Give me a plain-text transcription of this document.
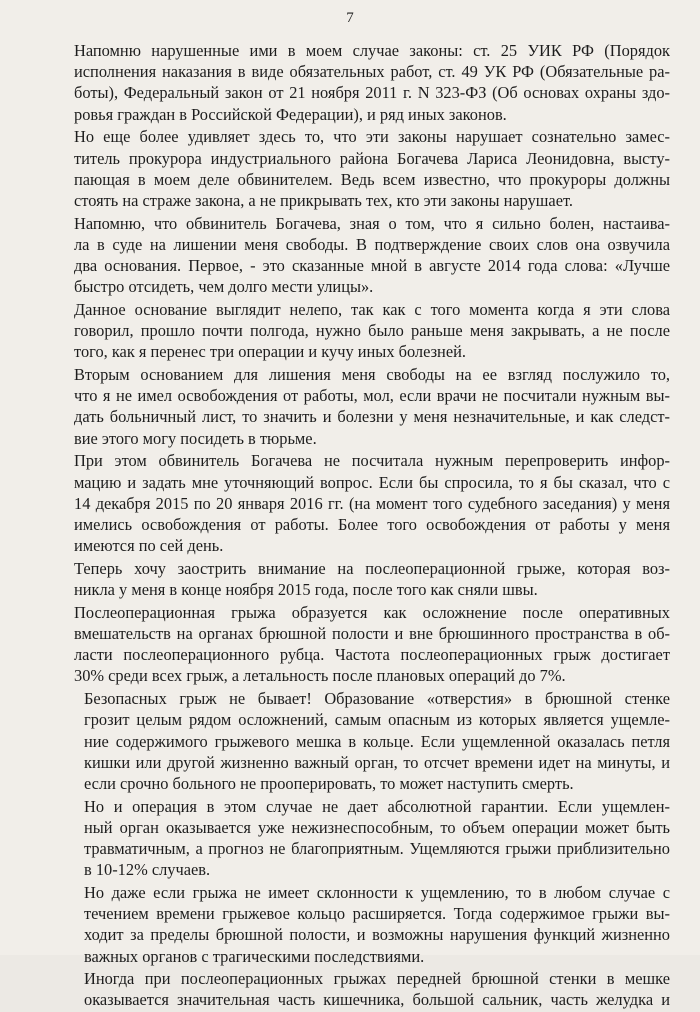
7

Напомню нарушенные ими в моем случае законы: ст. 25 УИК РФ (Порядок
исполнения наказания в виде обязательных работ, ст. 49 УК РФ (Обязательные ра-
боты), Федеральный закон от 21 ноября 2011 г. N 323-ФЗ (Об основах охраны здо-
ровья граждан в Российской Федерации), и ряд иных законов.

Но еще более удивляет здесь то, что эти законы нарушает сознательно замес-
титель прокурора индустриального района Богачева Лариса Леонидовна, высту-
пающая в моем деле обвинителем. Ведь всем известно, что прокуроры должны
стоять на страже закона, а не прикрывать тех, кто эти законы нарушает.

Напомню, что обвинитель Богачева, зная о том, что я сильно болен, настаива-
ла в суде на лишении меня свободы. В подтверждение своих слов она озвучила
два основания. Первое, - это сказанные мной в августе 2014 года слова: «Лучше
быстро отсидеть, чем долго мести улицы».

Данное основание выглядит нелепо, так как с того момента когда я эти слова
говорил, прошло почти полгода, нужно было раньше меня закрывать, а не после
того, как я перенес три операции и кучу иных болезней.

Вторым основанием для лишения меня свободы на ее взгляд послужило то,
что я не имел освобождения от работы, мол, если врачи не посчитали нужным вы-
дать больничный лист, то значить и болезни у меня незначительные, и как следст-
вие этого могу посидеть в тюрьме.

При этом обвинитель Богачева не посчитала нужным перепроверить инфор-
мацию и задать мне уточняющий вопрос. Если бы спросила, то я бы сказал, что с
14 декабря 2015 по 20 января 2016 гг. (на момент того судебного заседания) у меня
имелись освобождения от работы. Более того освобождения от работы у меня
имеются по сей день.

Теперь хочу заострить внимание на послеоперационной грыже, которая воз-
никла у меня в конце ноября 2015 года, после того как сняли швы.

Послеоперационная грыжа образуется как осложнение после оперативных
вмешательств на органах брюшной полости и вне брюшинного пространства в об-
ласти послеоперационного рубца. Частота послеоперационных грыж достигает
30% среди всех грыж, а летальность после плановых операций до 7%.

Безопасных грыж не бывает! Образование «отверстия» в брюшной стенке
грозит целым рядом осложнений, самым опасным из которых является ущемле-
ние содержимого грыжевого мешка в кольце. Если ущемленной оказалась петля
кишки или другой жизненно важный орган, то отсчет времени идет на минуты, и
если срочно больного не прооперировать, то может наступить смерть.

Но и операция в этом случае не дает абсолютной гарантии. Если ущемлен-
ный орган оказывается уже нежизнеспособным, то объем операции может быть
травматичным, а прогноз не благоприятным. Ущемляются грыжи приблизительно
в 10-12% случаев.

Но даже если грыжа не имеет склонности к ущемлению, то в любом случае с
течением времени грыжевое кольцо расширяется. Тогда содержимое грыжи вы-
ходит за пределы брюшной полости, и возможны нарушения функций жизненно
важных органов с трагическими последствиями.

Иногда при послеоперационных грыжах передней брюшной стенки в мешке
оказывается значительная часть кишечника, большой сальник, часть желудка и
